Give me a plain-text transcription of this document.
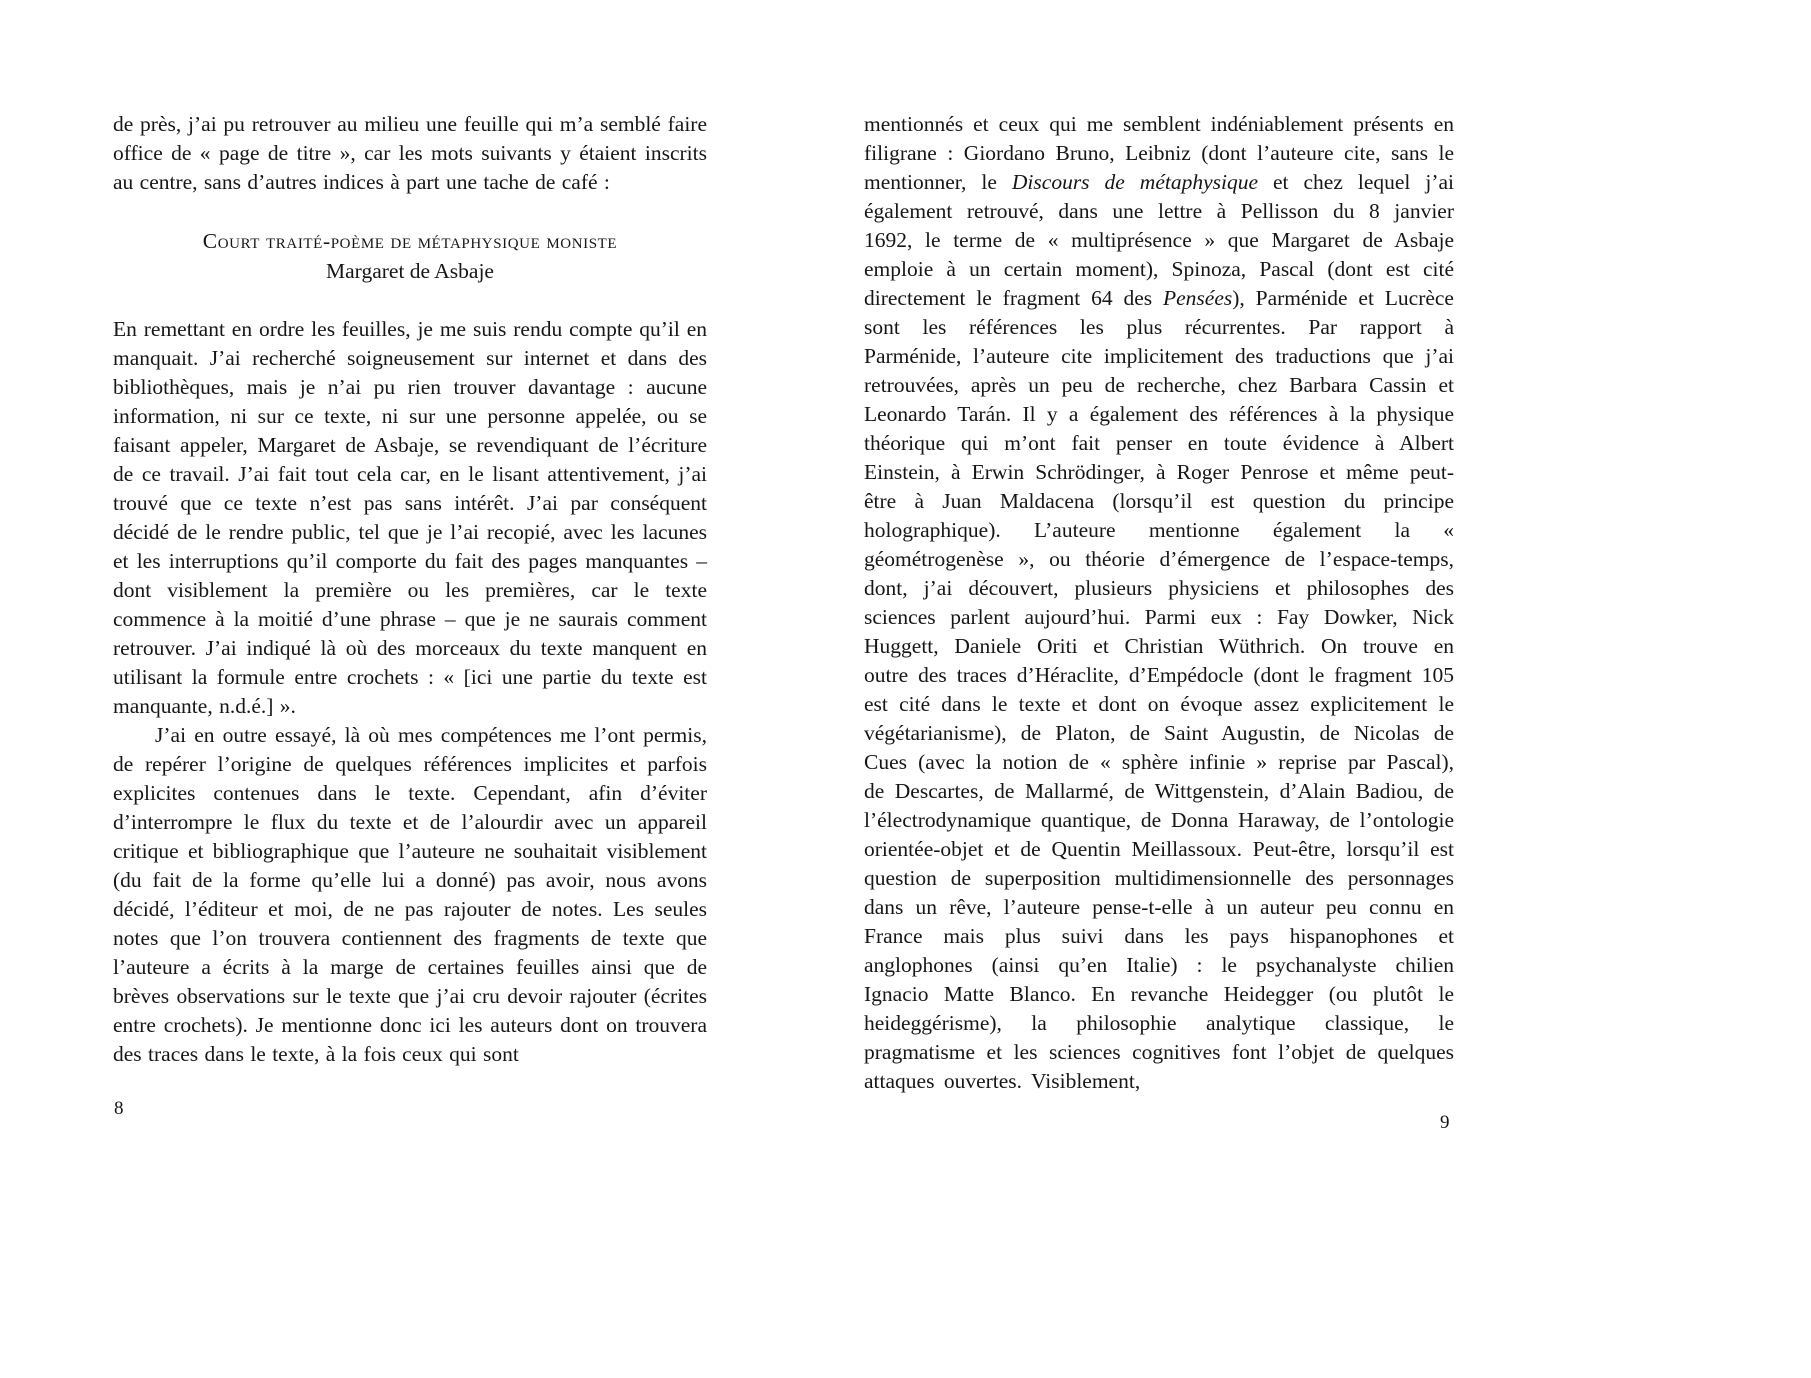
de près, j’ai pu retrouver au milieu une feuille qui m’a semblé faire office de « page de titre », car les mots suivants y étaient inscrits au centre, sans d’autres indices à part une tache de café :

Court traité-poème de métaphysique moniste
Margaret de Asbaje

En remettant en ordre les feuilles, je me suis rendu compte qu’il en manquait. J’ai recherché soigneusement sur internet et dans des bibliothèques, mais je n’ai pu rien trouver davantage : aucune information, ni sur ce texte, ni sur une personne appelée, ou se faisant appeler, Margaret de Asbaje, se revendiquant de l’écriture de ce travail. J’ai fait tout cela car, en le lisant attentivement, j’ai trouvé que ce texte n’est pas sans intérêt. J’ai par conséquent décidé de le rendre public, tel que je l’ai recopié, avec les lacunes et les interruptions qu’il comporte du fait des pages manquantes – dont visiblement la première ou les premières, car le texte commence à la moitié d’une phrase – que je ne saurais comment retrouver. J’ai indiqué là où des morceaux du texte manquent en utilisant la formule entre crochets : « [ici une partie du texte est manquante, n.d.é.] ».

J’ai en outre essayé, là où mes compétences me l’ont permis, de repérer l’origine de quelques références implicites et parfois explicites contenues dans le texte. Cependant, afin d’éviter d’interrompre le flux du texte et de l’alourdir avec un appareil critique et bibliographique que l’auteure ne souhaitait visiblement (du fait de la forme qu’elle lui a donné) pas avoir, nous avons décidé, l’éditeur et moi, de ne pas rajouter de notes. Les seules notes que l’on trouvera contiennent des fragments de texte que l’auteure a écrits à la marge de certaines feuilles ainsi que de brèves observations sur le texte que j’ai cru devoir rajouter (écrites entre crochets). Je mentionne donc ici les auteurs dont on trouvera des traces dans le texte, à la fois ceux qui sont

mentionnés et ceux qui me semblent indéniablement présents en filigrane : Giordano Bruno, Leibniz (dont l’auteure cite, sans le mentionner, le Discours de métaphysique et chez lequel j’ai également retrouvé, dans une lettre à Pellisson du 8 janvier 1692, le terme de « multiprésence » que Margaret de Asbaje emploie à un certain moment), Spinoza, Pascal (dont est cité directement le fragment 64 des Pensées), Parménide et Lucrèce sont les références les plus récurrentes. Par rapport à Parménide, l’auteure cite implicitement des traductions que j’ai retrouvées, après un peu de recherche, chez Barbara Cassin et Leonardo Tarán. Il y a également des références à la physique théorique qui m’ont fait penser en toute évidence à Albert Einstein, à Erwin Schrödinger, à Roger Penrose et même peut-être à Juan Maldacena (lorsqu’il est question du principe holographique). L’auteure mentionne également la « géométrogenèse », ou théorie d’émergence de l’espace-temps, dont, j’ai découvert, plusieurs physiciens et philosophes des sciences parlent aujourd’hui. Parmi eux : Fay Dowker, Nick Huggett, Daniele Oriti et Christian Wüthrich. On trouve en outre des traces d’Héraclite, d’Empédocle (dont le fragment 105 est cité dans le texte et dont on évoque assez explicitement le végétarianisme), de Platon, de Saint Augustin, de Nicolas de Cues (avec la notion de « sphère infinie » reprise par Pascal), de Descartes, de Mallarmé, de Wittgenstein, d’Alain Badiou, de l’électrodynamique quantique, de Donna Haraway, de l’ontologie orientée-objet et de Quentin Meillassoux. Peut-être, lorsqu’il est question de superposition multidimensionnelle des personnages dans un rêve, l’auteure pense-t-elle à un auteur peu connu en France mais plus suivi dans les pays hispanophones et anglophones (ainsi qu’en Italie) : le psychanalyste chilien Ignacio Matte Blanco. En revanche Heidegger (ou plutôt le heideggérisme), la philosophie analytique classique, le pragmatisme et les sciences cognitives font l’objet de quelques attaques ouvertes. Visiblement,

8
9
